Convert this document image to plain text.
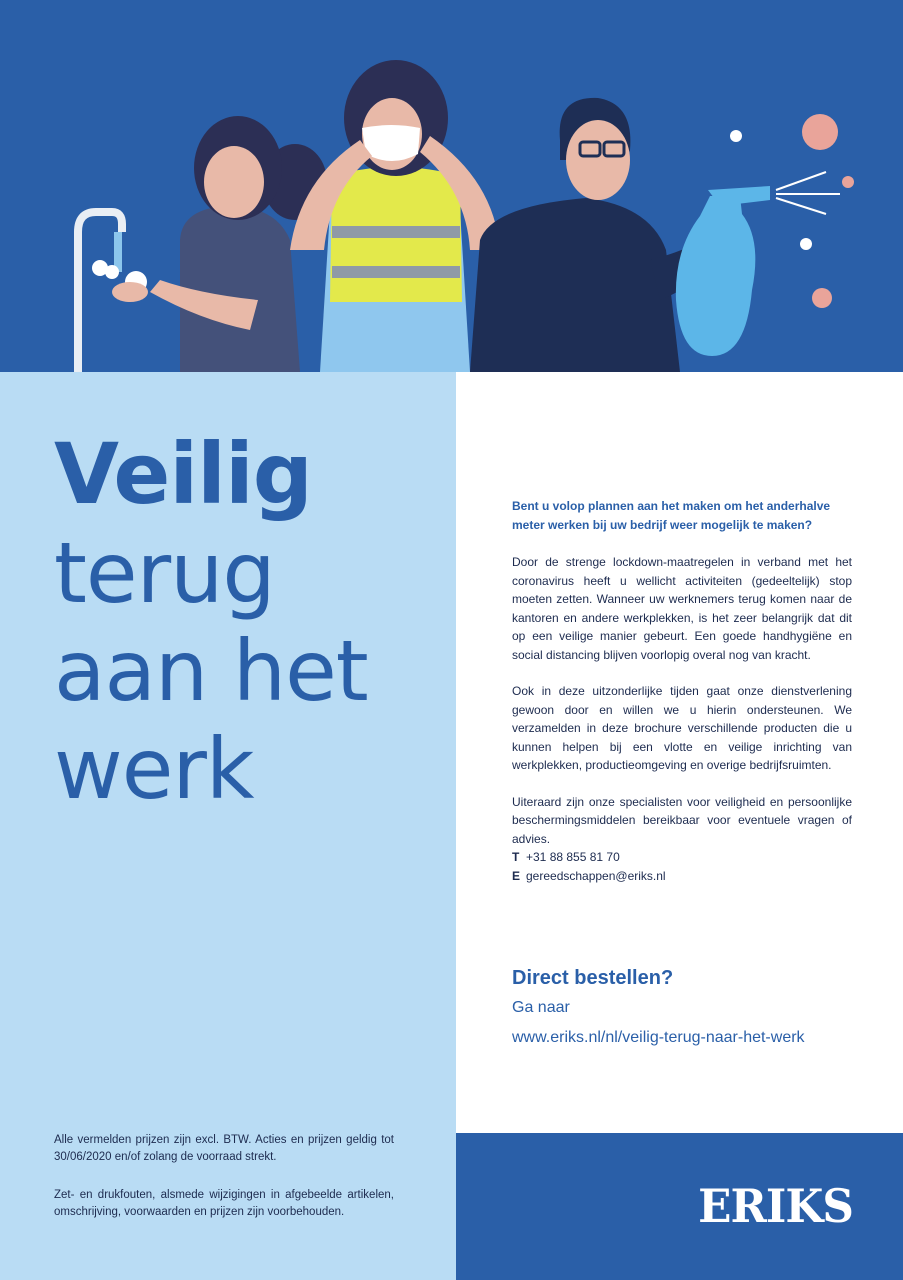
Veilig
terug
aan het
werk

Alle vermelden prijzen zijn excl. BTW. Acties en prijzen geldig tot 30/06/2020 en/of zolang de voorraad strekt.

Zet- en drukfouten, alsmede wijzigingen in afgebeelde artikelen, omschrijving, voorwaarden en prijzen zijn voorbehouden.

Bent u volop plannen aan het maken om het anderhalve meter werken bij uw bedrijf weer mogelijk te maken?

Door de strenge lockdown-maatregelen in verband met het coronavirus heeft u wellicht activiteiten (gedeeltelijk) stop moeten zetten. Wanneer uw werknemers terug komen naar de kantoren en andere werkplekken, is het zeer belangrijk dat dit op een veilige manier gebeurt. Een goede handhygiëne en social distancing blijven voorlopig overal nog van kracht.

Ook in deze uitzonderlijke tijden gaat onze dienstverlening gewoon door en willen we u hierin ondersteunen. We verzamelden in deze brochure verschillende producten die u kunnen helpen bij een vlotte en veilige inrichting van werkplekken, productieomgeving en overige bedrijfsruimten.

Uiteraard zijn onze specialisten voor veiligheid en persoonlijke beschermingsmiddelen bereikbaar voor eventuele vragen of advies.

T +31 88 855 81 70
E gereedschappen@eriks.nl
Direct bestellen?
Ga naar
www.eriks.nl/nl/veilig-terug-naar-het-werk
ERIKS
